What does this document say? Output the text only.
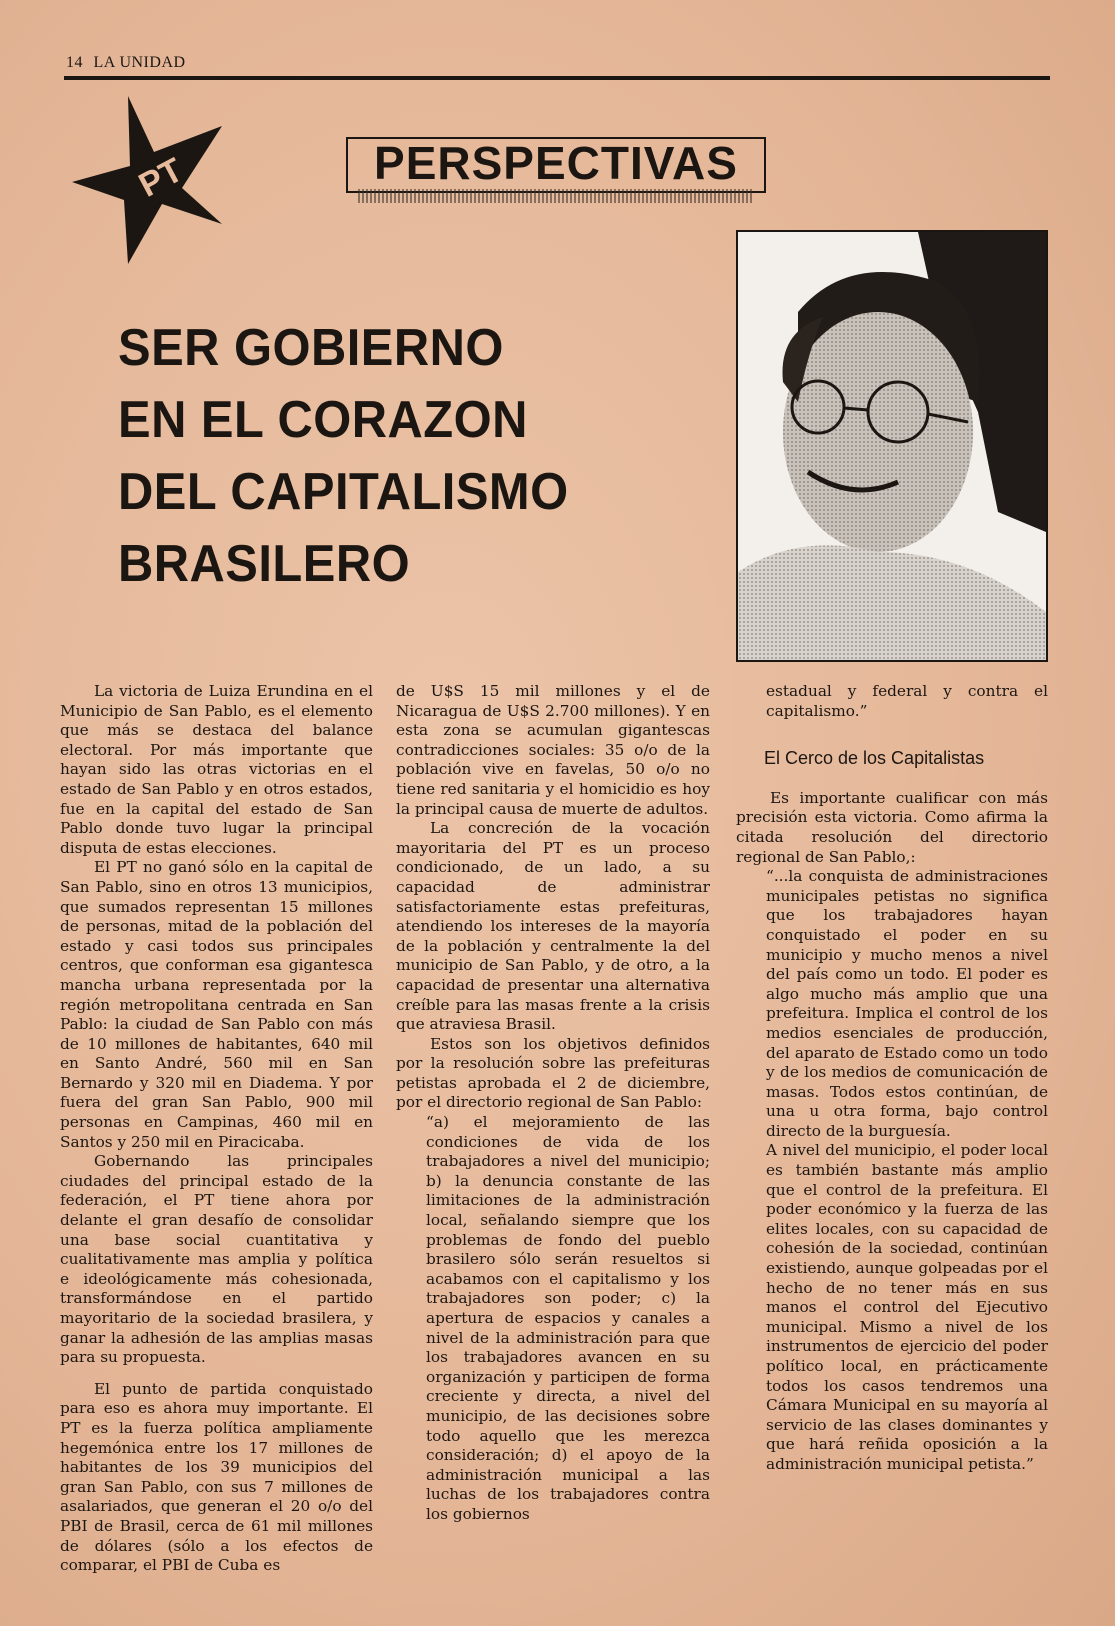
14 LA UNIDAD
PT	PERSPECTIVAS
SER GOBIERNO
EN EL CORAZON
DEL CAPITALISMO
BRASILERO

La victoria de Luiza Erundina en el Municipio de San Pablo, es el elemento que más se destaca del balance electoral. Por más importante que hayan sido las otras victorias en el estado de San Pablo y en otros estados, fue en la capital del estado de San Pablo donde tuvo lugar la principal disputa de estas elecciones.

El PT no ganó sólo en la capital de San Pablo, sino en otros 13 municipios, que sumados representan 15 millones de personas, mitad de la población del estado y casi todos sus principales centros, que conforman esa gigantesca mancha urbana representada por la región metropolitana centrada en San Pablo: la ciudad de San Pablo con más de 10 millones de habitantes, 640 mil en Santo André, 560 mil en San Bernardo y 320 mil en Diadema. Y por fuera del gran San Pablo, 900 mil personas en Campinas, 460 mil en Santos y 250 mil en Piracicaba.

Gobernando las principales ciudades del principal estado de la federación, el PT tiene ahora por delante el gran desafío de consolidar una base social cuantitativa y cualitativamente mas amplia y política e ideológicamente más cohesionada, transformándose en el partido mayoritario de la sociedad brasilera, y ganar la adhesión de las amplias masas para su propuesta.

El punto de partida conquistado para eso es ahora muy importante. El PT es la fuerza política ampliamente hegemónica entre los 17 millones de habitantes de los 39 municipios del gran San Pablo, con sus 7 millones de asalariados, que generan el 20 o/o del PBI de Brasil, cerca de 61 mil millones de dólares (sólo a los efectos de comparar, el PBI de Cuba es

de U$S 15 mil millones y el de Nicaragua de U$S 2.700 millones). Y en esta zona se acumulan gigantescas contradicciones sociales: 35 o/o de la población vive en favelas, 50 o/o no tiene red sanitaria y el homicidio es hoy la principal causa de muerte de adultos.

La concreción de la vocación mayoritaria del PT es un proceso condicionado, de un lado, a su capacidad de administrar satisfactoriamente estas prefeituras, atendiendo los intereses de la mayoría de la población y centralmente la del municipio de San Pablo, y de otro, a la capacidad de presentar una alternativa creíble para las masas frente a la crisis que atraviesa Brasil.

Estos son los objetivos definidos por la resolución sobre las prefeituras petistas aprobada el 2 de diciembre, por el directorio regional de San Pablo:

“a) el mejoramiento de las condiciones de vida de los trabajadores a nivel del municipio; b) la denuncia constante de las limitaciones de la administración local, señalando siempre que los problemas de fondo del pueblo brasilero sólo serán resueltos si acabamos con el capitalismo y los trabajadores son poder; c) la apertura de espacios y canales a nivel de la administración para que los trabajadores avancen en su organización y participen de forma creciente y directa, a nivel del municipio, de las decisiones sobre todo aquello que les merezca consideración; d) el apoyo de la administración municipal a las luchas de los trabajadores contra los gobiernos

estadual y federal y contra el capitalismo.”

El Cerco de los Capitalistas

Es importante cualificar con más precisión esta victoria. Como afirma la citada resolución del directorio regional de San Pablo,:

“...la conquista de administraciones municipales petistas no significa que los trabajadores hayan conquistado el poder en su municipio y mucho menos a nivel del país como un todo. El poder es algo mucho más amplio que una prefeitura. Implica el control de los medios esenciales de producción, del aparato de Estado como un todo y de los medios de comunicación de masas. Todos estos continúan, de una u otra forma, bajo control directo de la burguesía.

A nivel del municipio, el poder local es también bastante más amplio que el control de la prefeitura. El poder económico y la fuerza de las elites locales, con su capacidad de cohesión de la sociedad, continúan existiendo, aunque golpeadas por el hecho de no tener más en sus manos el control del Ejecutivo municipal. Mismo a nivel de los instrumentos de ejercicio del poder político local, en prácticamente todos los casos tendremos una Cámara Municipal en su mayoría al servicio de las clases dominantes y que hará reñida oposición a la administración municipal petista.”
